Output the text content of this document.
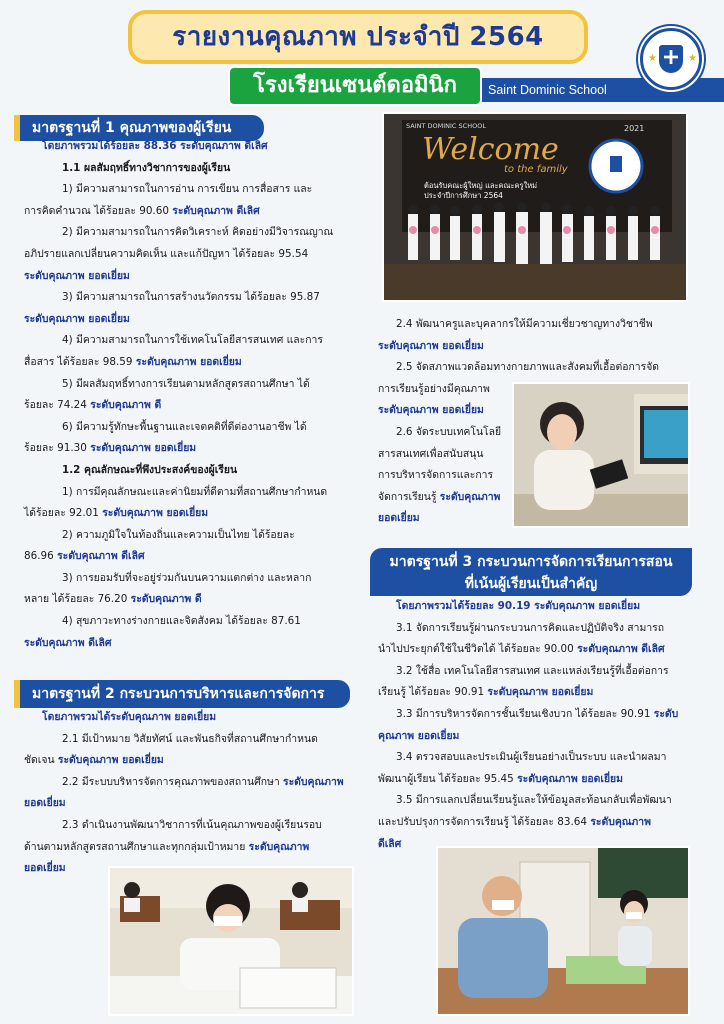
รายงานคุณภาพ ประจำปี 2564
Saint Dominic School
โรงเรียนเซนต์ดอมินิก
★	★
มาตรฐานที่ 1 คุณภาพของผู้เรียน

โดยภาพรวมได้ร้อยละ 88.36 ระดับคุณภาพ ดีเลิศ

1.1 ผลสัมฤทธิ์ทางวิชาการของผู้เรียน

1) มีความสามารถในการอ่าน การเขียน การสื่อสาร และ

การคิดคำนวณ ได้ร้อยละ 90.60 ระดับคุณภาพ ดีเลิศ

2) มีความสามารถในการคิดวิเคราะห์ คิดอย่างมีวิจารณญาณ

อภิปรายแลกเปลี่ยนความคิดเห็น และแก้ปัญหา ได้ร้อยละ 95.54

ระดับคุณภาพ ยอดเยี่ยม

3) มีความสามารถในการสร้างนวัตกรรม ได้ร้อยละ 95.87

ระดับคุณภาพ ยอดเยี่ยม

4) มีความสามารถในการใช้เทคโนโลยีสารสนเทศ และการ

สื่อสาร ได้ร้อยละ 98.59 ระดับคุณภาพ ยอดเยี่ยม

5) มีผลสัมฤทธิ์ทางการเรียนตามหลักสูตรสถานศึกษา ได้

ร้อยละ 74.24 ระดับคุณภาพ ดี

6) มีความรู้ทักษะพื้นฐานและเจตคติที่ดีต่องานอาชีพ ได้

ร้อยละ 91.30 ระดับคุณภาพ ยอดเยี่ยม

1.2 คุณลักษณะที่พึงประสงค์ของผู้เรียน

1) การมีคุณลักษณะและค่านิยมที่ดีตามที่สถานศึกษากำหนด

ได้ร้อยละ 92.01 ระดับคุณภาพ ยอดเยี่ยม

2) ความภูมิใจในท้องถิ่นและความเป็นไทย ได้ร้อยละ

86.96 ระดับคุณภาพ ดีเลิศ

3) การยอมรับที่จะอยู่ร่วมกันบนความแตกต่าง และหลาก

หลาย ได้ร้อยละ 76.20 ระดับคุณภาพ ดี

4) สุขภาวะทางร่างกายและจิตสังคม ได้ร้อยละ 87.61

ระดับคุณภาพ ดีเลิศ

มาตรฐานที่ 2 กระบวนการบริหารและการจัดการ

โดยภาพรวมได้ระดับคุณภาพ ยอดเยี่ยม

2.1 มีเป้าหมาย วิสัยทัศน์ และพันธกิจที่สถานศึกษากำหนด

ชัดเจน ระดับคุณภาพ ยอดเยี่ยม

2.2 มีระบบบริหารจัดการคุณภาพของสถานศึกษา ระดับคุณภาพ

ยอดเยี่ยม

2.3 ดำเนินงานพัฒนาวิชาการที่เน้นคุณภาพของผู้เรียนรอบ

ด้านตามหลักสูตรสถานศึกษาและทุกกลุ่มเป้าหมาย ระดับคุณภาพ

ยอดเยี่ยม

2.4 พัฒนาครูและบุคลากรให้มีความเชี่ยวชาญทางวิชาชีพ

ระดับคุณภาพ ยอดเยี่ยม

2.5 จัดสภาพแวดล้อมทางกายภาพและสังคมที่เอื้อต่อการจัด

การเรียนรู้อย่างมีคุณภาพ

ระดับคุณภาพ ยอดเยี่ยม

2.6 จัดระบบเทคโนโลยี

สารสนเทศเพื่อสนับสนุน

การบริหารจัดการและการ

จัดการเรียนรู้ ระดับคุณภาพ

ยอดเยี่ยม

มาตรฐานที่ 3 กระบวนการจัดการเรียนการสอน
ที่เน้นผู้เรียนเป็นสำคัญ

โดยภาพรวมได้ร้อยละ 90.19 ระดับคุณภาพ ยอดเยี่ยม

3.1 จัดการเรียนรู้ผ่านกระบวนการคิดและปฏิบัติจริง สามารถ

นำไปประยุกต์ใช้ในชีวิตได้ ได้ร้อยละ 90.00 ระดับคุณภาพ ดีเลิศ

3.2 ใช้สื่อ เทคโนโลยีสารสนเทศ และแหล่งเรียนรู้ที่เอื้อต่อการ

เรียนรู้ ได้ร้อยละ 90.91 ระดับคุณภาพ ยอดเยี่ยม

3.3 มีการบริหารจัดการชั้นเรียนเชิงบวก ได้ร้อยละ 90.91 ระดับ

คุณภาพ ยอดเยี่ยม

3.4 ตรวจสอบและประเมินผู้เรียนอย่างเป็นระบบ และนำผลมา

พัฒนาผู้เรียน ได้ร้อยละ 95.45 ระดับคุณภาพ ยอดเยี่ยม

3.5 มีการแลกเปลี่ยนเรียนรู้และให้ข้อมูลสะท้อนกลับเพื่อพัฒนา

และปรับปรุงการจัดการเรียนรู้ ได้ร้อยละ 83.64 ระดับคุณภาพ

ดีเลิศ

SAINT DOMINIC SCHOOL	2021
Welcome
to the family
ต้อนรับคณะผู้ใหญ่ และคณะครูใหม่
ประจำปีการศึกษา 2564
